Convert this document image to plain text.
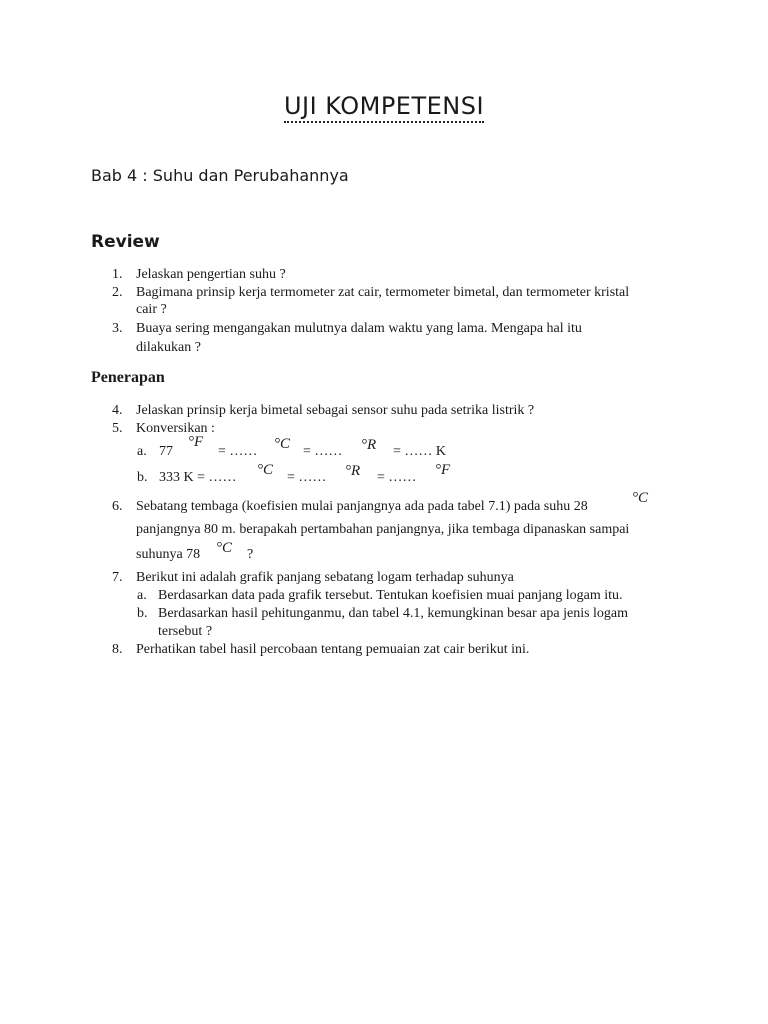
UJI KOMPETENSI
Bab 4 : Suhu dan Perubahannya
Review
1. Jelaskan pengertian suhu ?
2. Bagimana prinsip kerja termometer zat cair, termometer bimetal, dan termometer kristal
cair ?
3. Buaya sering mengangakan mulutnya dalam waktu yang lama. Mengapa hal itu
dilakukan ?
Penerapan
4. Jelaskan prinsip kerja bimetal sebagai sensor suhu pada setrika listrik ?
5. Konversikan :
a. 77
°F
= …… °C = …… °R = …… K
b. 333 K = …… °C = …… °R = …… °F
6. Sebatang tembaga (koefisien mulai panjangnya ada pada tabel 7.1) pada suhu 28
°C
panjangnya 80 m. berapakah pertambahan panjangnya, jika tembaga dipanaskan sampai
suhunya 78 °C ?
7. Berikut ini adalah grafik panjang sebatang logam terhadap suhunya
a. Berdasarkan data pada grafik tersebut. Tentukan koefisien muai panjang logam itu.
b. Berdasarkan hasil pehitunganmu, dan tabel 4.1, kemungkinan besar apa jenis logam
tersebut ?
8. Perhatikan tabel hasil percobaan tentang pemuaian zat cair berikut ini.
